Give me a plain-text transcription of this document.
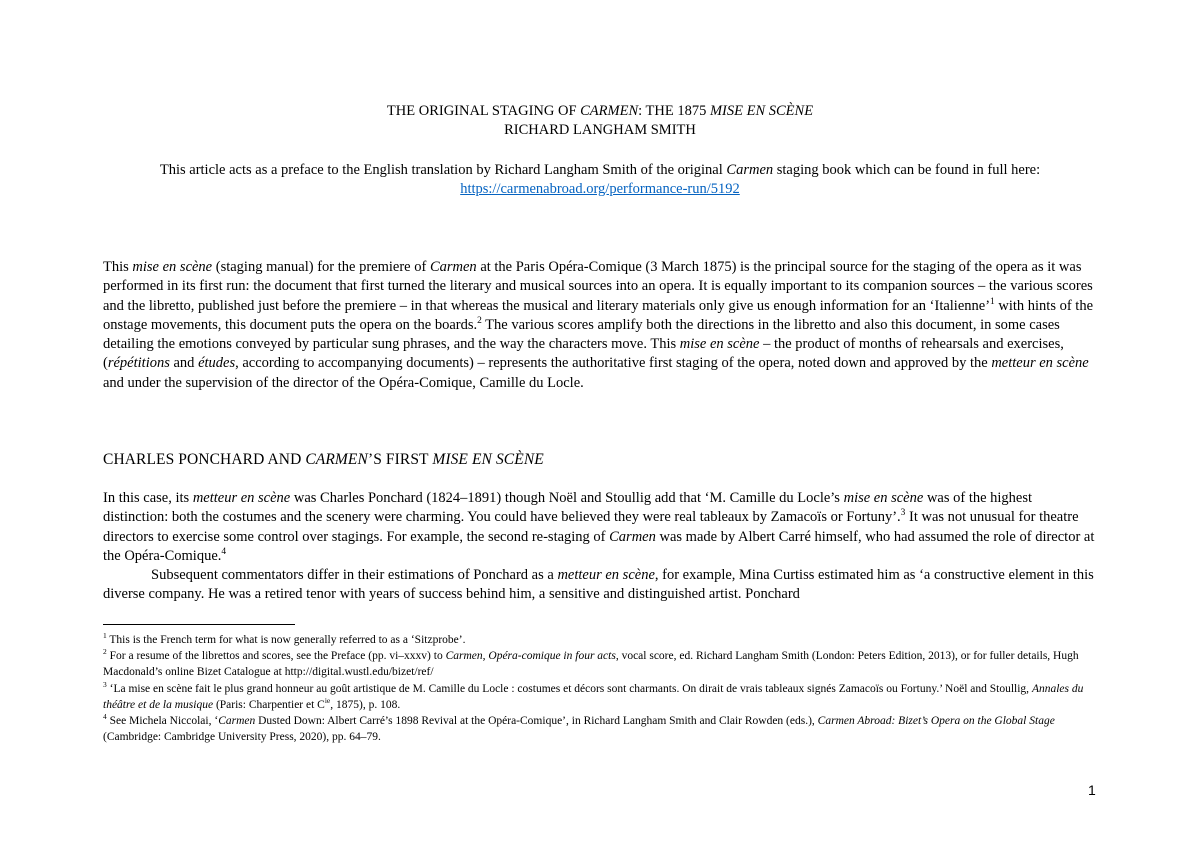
THE ORIGINAL STAGING OF CARMEN: THE 1875 MISE EN SCÈNE
RICHARD LANGHAM SMITH
This article acts as a preface to the English translation by Richard Langham Smith of the original Carmen staging book which can be found in full here:
https://carmenabroad.org/performance-run/5192
This mise en scène (staging manual) for the premiere of Carmen at the Paris Opéra-Comique (3 March 1875) is the principal source for the staging of the opera as it was performed in its first run: the document that first turned the literary and musical sources into an opera. It is equally important to its companion sources – the various scores and the libretto, published just before the premiere – in that whereas the musical and literary materials only give us enough information for an ‘Italienne’$^1$ with hints of the onstage movements, this document puts the opera on the boards.$^2$ The various scores amplify both the directions in the libretto and also this document, in some cases detailing the emotions conveyed by particular sung phrases, and the way the characters move. This mise en scène – the product of months of rehearsals and exercises, (répétitions and études, according to accompanying documents) – represents the authoritative first staging of the opera, noted down and approved by the metteur en scène and under the supervision of the director of the Opéra-Comique, Camille du Locle.
CHARLES PONCHARD AND CARMEN’S FIRST MISE EN SCÈNE
In this case, its metteur en scène was Charles Ponchard (1824–1891) though Noël and Stoullig add that ‘M. Camille du Locle’s mise en scène was of the highest distinction: both the costumes and the scenery were charming. You could have believed they were real tableaux by Zamacoïs or Fortuny’.$^3$ It was not unusual for theatre directors to exercise some control over stagings. For example, the second re-staging of Carmen was made by Albert Carré himself, who had assumed the role of director at the Opéra-Comique.$^4$
Subsequent commentators differ in their estimations of Ponchard as a metteur en scène, for example, Mina Curtiss estimated him as ‘a constructive element in this diverse company. He was a retired tenor with years of success behind him, a sensitive and distinguished artist. Ponchard

$^1$ This is the French term for what is now generally referred to as a ‘Sitzprobe’.

$^2$ For a resume of the librettos and scores, see the Preface (pp. vi–xxxv) to Carmen, Opéra-comique in four acts, vocal score, ed. Richard Langham Smith (London: Peters Edition, 2013), or for fuller details, Hugh Macdonald’s online Bizet Catalogue at http://digital.wustl.edu/bizet/ref/

$^3$ ‘La mise en scène fait le plus grand honneur au goût artistique de M. Camille du Locle : costumes et décors sont charmants. On dirait de vrais tableaux signés Zamacoïs ou Fortuny.’ Noël and Stoullig, Annales du théâtre et de la musique (Paris: Charpentier et $C^{ie}$, 1875), p. 108.

$^4$ See Michela Niccolai, ‘Carmen Dusted Down: Albert Carré’s 1898 Revival at the Opéra-Comique’, in Richard Langham Smith and Clair Rowden (eds.), Carmen Abroad: Bizet’s Opera on the Global Stage (Cambridge: Cambridge University Press, 2020), pp. 64–79.

1
